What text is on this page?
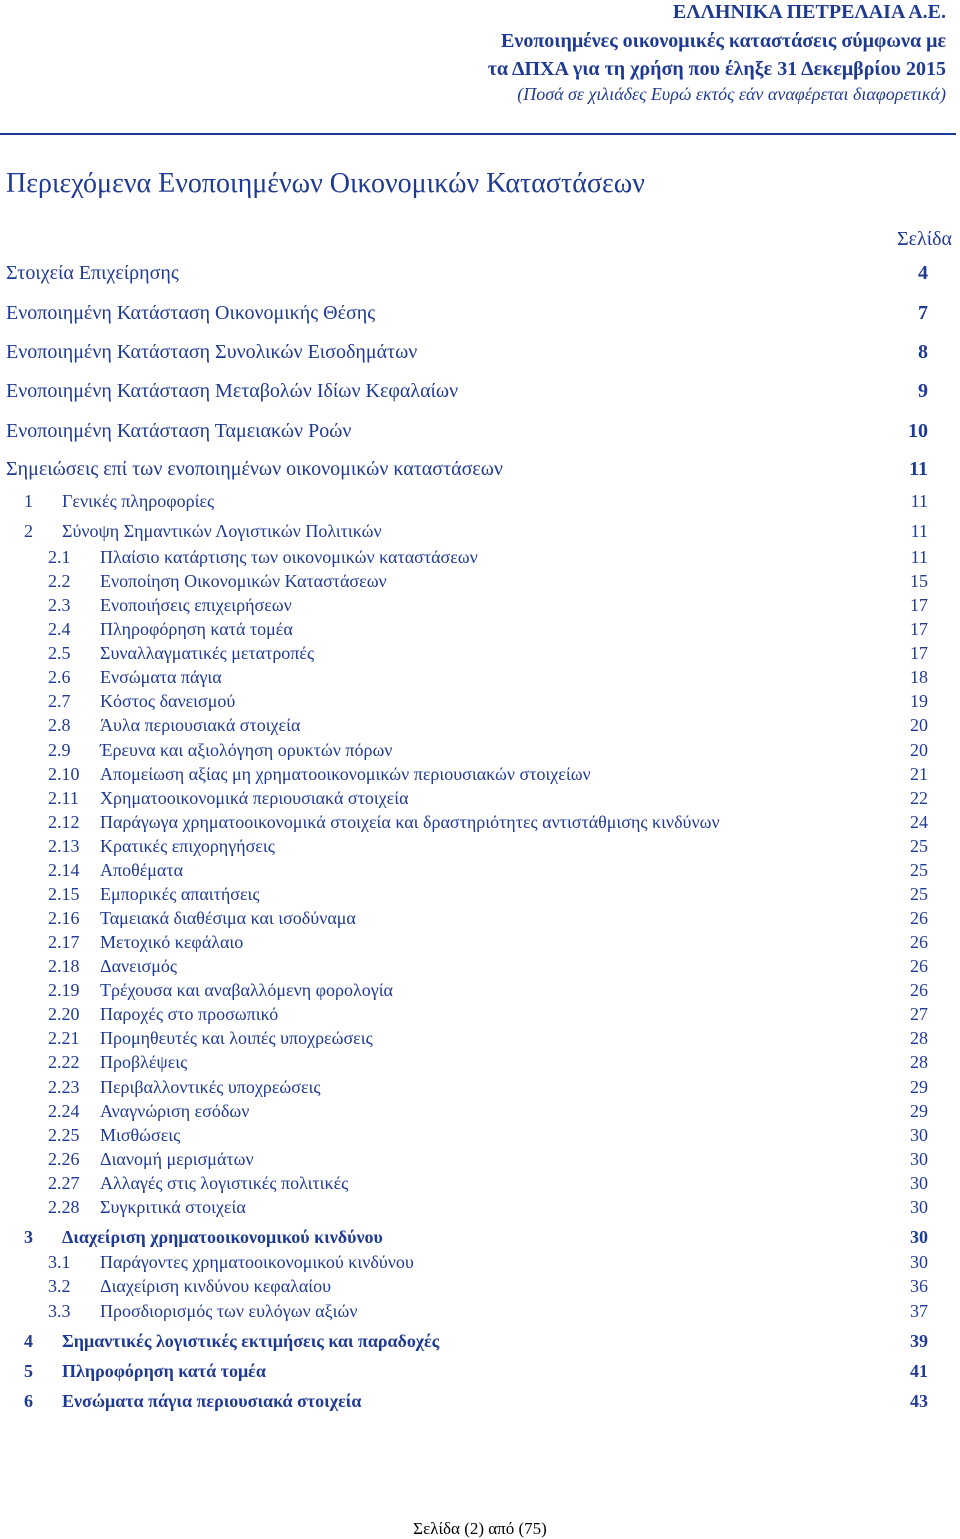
ΕΛΛΗΝΙΚΑ ΠΕΤΡΕΛΑΙΑ Α.Ε.
Ενοποιημένες οικονομικές καταστάσεις σύμφωνα με
τα ΔΠΧΑ για τη χρήση που έληξε 31 Δεκεμβρίου 2015
(Ποσά σε χιλιάδες Ευρώ εκτός εάν αναφέρεται διαφορετικά)
Περιεχόμενα Ενοποιημένων Οικονομικών Καταστάσεων
Σελίδα
Στοιχεία Επιχείρησης	4
Ενοποιημένη Κατάσταση Οικονομικής Θέσης	7
Ενοποιημένη Κατάσταση Συνολικών Εισοδημάτων	8
Ενοποιημένη Κατάσταση Μεταβολών Ιδίων Κεφαλαίων	9
Ενοποιημένη Κατάσταση Ταμειακών Ροών	10
Σημειώσεις επί των ενοποιημένων οικονομικών καταστάσεων	11
1 Γενικές πληροφορίες	11
2 Σύνοψη Σημαντικών Λογιστικών Πολιτικών	11
2.1 Πλαίσιο κατάρτισης των οικονομικών καταστάσεων	11
2.2 Ενοποίηση Οικονομικών Καταστάσεων	15
2.3 Ενοποιήσεις επιχειρήσεων	17
2.4 Πληροφόρηση κατά τομέα	17
2.5 Συναλλαγματικές μετατροπές	17
2.6 Ενσώματα πάγια	18
2.7 Κόστος δανεισμού	19
2.8 Άυλα περιουσιακά στοιχεία	20
2.9 Έρευνα και αξιολόγηση ορυκτών πόρων	20
2.10 Απομείωση αξίας μη χρηματοοικονομικών περιουσιακών στοιχείων	21
2.11 Χρηματοοικονομικά περιουσιακά στοιχεία	22
2.12 Παράγωγα χρηματοοικονομικά στοιχεία και δραστηριότητες αντιστάθμισης κινδύνων	24
2.13 Κρατικές επιχορηγήσεις	25
2.14 Αποθέματα	25
2.15 Εμπορικές απαιτήσεις	25
2.16 Ταμειακά διαθέσιμα και ισοδύναμα	26
2.17 Μετοχικό κεφάλαιο	26
2.18 Δανεισμός	26
2.19 Τρέχουσα και αναβαλλόμενη φορολογία	26
2.20 Παροχές στο προσωπικό	27
2.21 Προμηθευτές και λοιπές υποχρεώσεις	28
2.22 Προβλέψεις	28
2.23 Περιβαλλοντικές υποχρεώσεις	29
2.24 Αναγνώριση εσόδων	29
2.25 Μισθώσεις	30
2.26 Διανομή μερισμάτων	30
2.27 Αλλαγές στις λογιστικές πολιτικές	30
2.28 Συγκριτικά στοιχεία	30
3 Διαχείριση χρηματοοικονομικού κινδύνου	30
3.1 Παράγοντες χρηματοοικονομικού κινδύνου	30
3.2 Διαχείριση κινδύνου κεφαλαίου	36
3.3 Προσδιορισμός των ευλόγων αξιών	37
4 Σημαντικές λογιστικές εκτιμήσεις και παραδοχές	39
5 Πληροφόρηση κατά τομέα	41
6 Ενσώματα πάγια περιουσιακά στοιχεία	43
Σελίδα (2) από (75)
